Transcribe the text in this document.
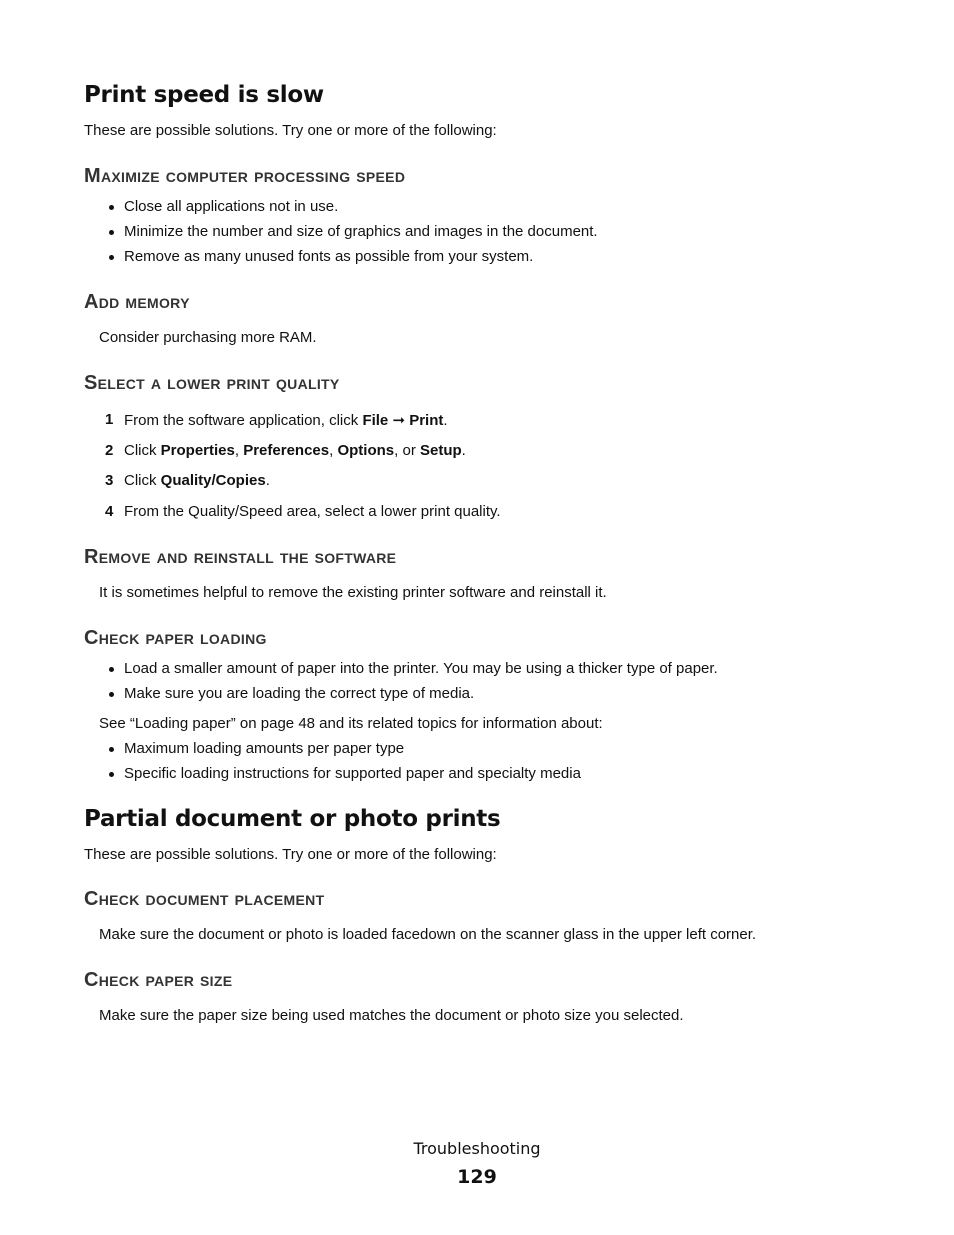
Print speed is slow
These are possible solutions. Try one or more of the following:
Maximize computer processing speed
Close all applications not in use.
Minimize the number and size of graphics and images in the document.
Remove as many unused fonts as possible from your system.
Add memory
Consider purchasing more RAM.
Select a lower print quality
1 From the software application, click File ➞ Print.
2 Click Properties, Preferences, Options, or Setup.
3 Click Quality/Copies.
4 From the Quality/Speed area, select a lower print quality.
Remove and reinstall the software
It is sometimes helpful to remove the existing printer software and reinstall it.
Check paper loading
Load a smaller amount of paper into the printer. You may be using a thicker type of paper.
Make sure you are loading the correct type of media.
See “Loading paper” on page 48 and its related topics for information about:
Maximum loading amounts per paper type
Specific loading instructions for supported paper and specialty media
Partial document or photo prints
These are possible solutions. Try one or more of the following:
Check document placement
Make sure the document or photo is loaded facedown on the scanner glass in the upper left corner.
Check paper size
Make sure the paper size being used matches the document or photo size you selected.
Troubleshooting
129
